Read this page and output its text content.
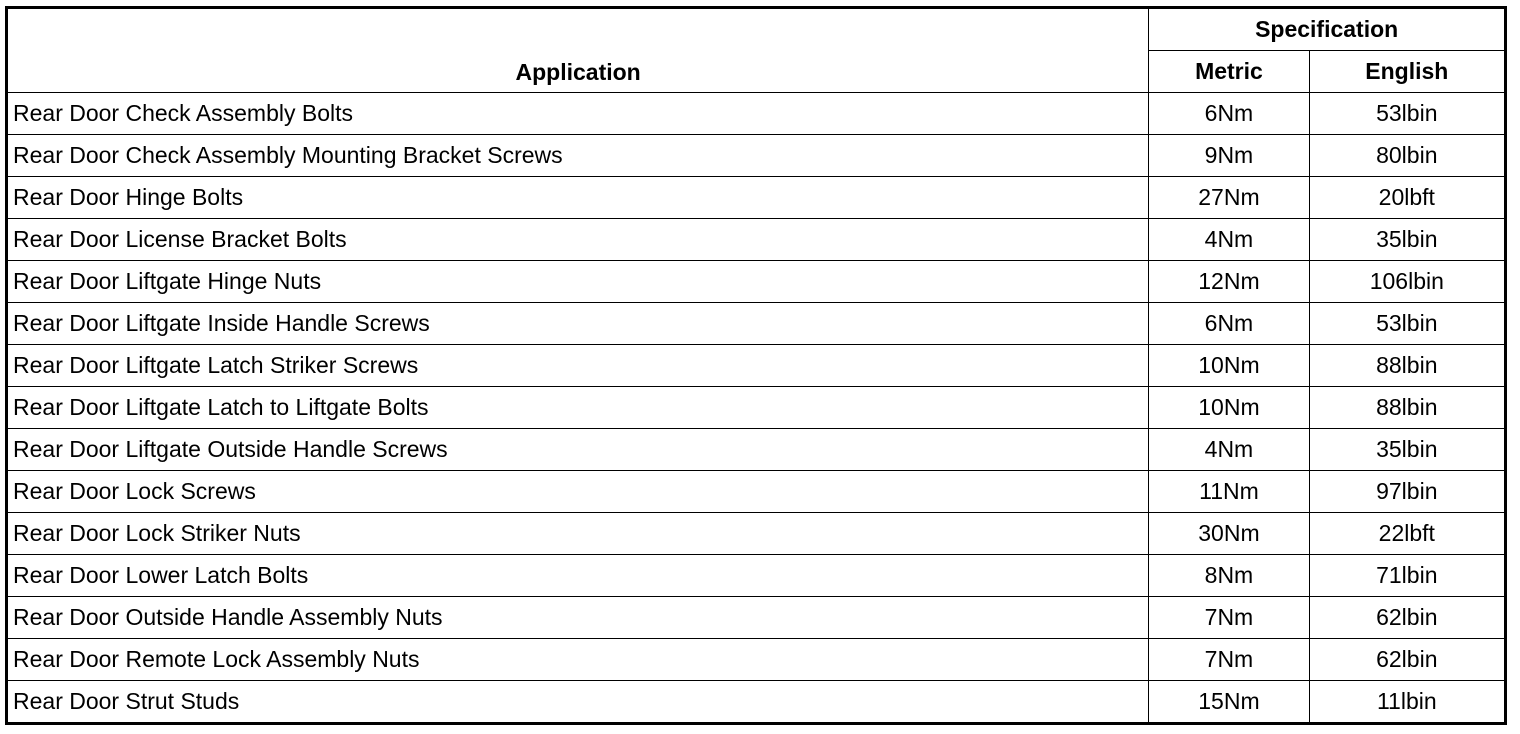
Application	Specification	
	Metric	English
Rear Door Check Assembly Bolts	6Nm	53lbin
Rear Door Check Assembly Mounting Bracket Screws	9Nm	80lbin
Rear Door Hinge Bolts	27Nm	20lbft
Rear Door License Bracket Bolts	4Nm	35lbin
Rear Door Liftgate Hinge Nuts	12Nm	106lbin
Rear Door Liftgate Inside Handle Screws	6Nm	53lbin
Rear Door Liftgate Latch Striker Screws	10Nm	88lbin
Rear Door Liftgate Latch to Liftgate Bolts	10Nm	88lbin
Rear Door Liftgate Outside Handle Screws	4Nm	35lbin
Rear Door Lock Screws	11Nm	97lbin
Rear Door Lock Striker Nuts	30Nm	22lbft
Rear Door Lower Latch Bolts	8Nm	71lbin
Rear Door Outside Handle Assembly Nuts	7Nm	62lbin
Rear Door Remote Lock Assembly Nuts	7Nm	62lbin
Rear Door Strut Studs	15Nm	11lbin
